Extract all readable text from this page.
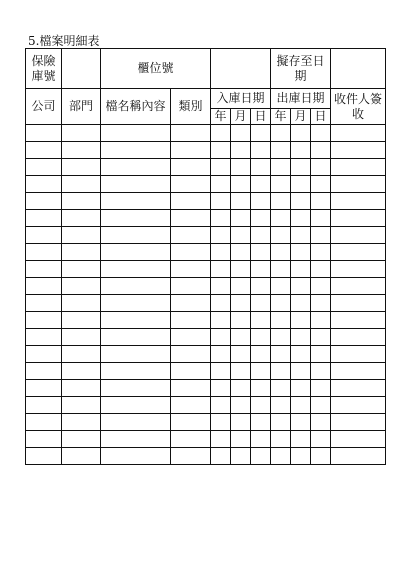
5.檔案明細表
保險庫號		櫃位號					擬存至日期			
公司	部門	檔名稱內容	類別	入庫日期			出庫日期			收件人簽收

				年	月	日	年	月	日	
